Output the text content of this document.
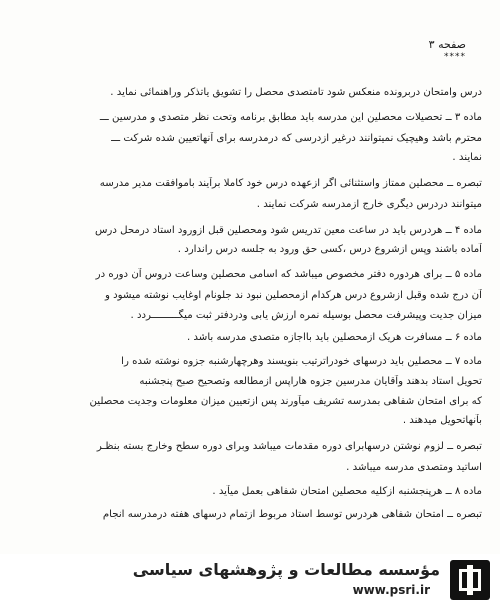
صفحه ۳
****
درس وامتحان دربرونده منعکس شود تامتصدی محصل را تشویق یاتذکر وراهنمائی نماید .
ماده ۳ ــ تحصیلات محصلین این مدرسه باید مطابق برنامه وتحت نظر متصدی و مدرسین ـــ
محترم باشد وهیچیک نمیتوانند درغیر ازدرسی که درمدرسه برای آنهاتعیین شده شرکت ـــ
نمایند .
تبصره ــ محصلین ممتاز واستثنائی اگر ازعهده درس خود کاملا برآیند باموافقت مدیر مدرسه
میتوانند دردرس دیگری خارج ازمدرسه شرکت نمایند .
ماده ۴ ــ هردرس باید در ساعت معین تدریس شود ومحصلین قبل ازورود استاد درمحل درس
آماده باشند وپس ازشروع درس ،کسی حق ورود به جلسه درس راندارد .
ماده ۵ ــ برای هردوره دفتر مخصوص میباشد که اسامی محصلین وساعت دروس آن دوره در
آن درج شده وقبل ازشروع درس هرکدام ازمحصلین نبود ند جلونام اوغایب نوشته میشود و
میزان جدیت وپیشرفت محصل بوسیله نمره ارزش یابی ودردفتر ثبت میگـــــــــردد .
ماده ۶ ــ مسافرت هریک ازمحصلین باید بااجازه متصدی مدرسه باشد .
ماده ۷ ــ محصلین باید درسهای خودراترتیب بنویسند وهرچهارشنبه جزوه نوشته شده را
تحویل استاد بدهند وآقایان مدرسین جزوه هاراپس ازمطالعه وتصحیح صبح پنجشنبه
که برای امتحان شفاهی بمدرسه تشریف میآورند پس ازتعیین میزان معلومات وجدیت محصلین
بآنهاتحویل میدهند .
تبصره ــ لزوم نوشتن درسهابرای دوره مقدمات میباشد وبرای دوره سطح وخارج بسته بنظـر
اساتید ومتصدی مدرسه میباشد .
ماده ۸ ــ هرپنجشنبه ازکلیه محصلین امتحان شفاهی بعمل میآید .
تبصره ــ امتحان شفاهی هردرس توسط استاد مربوط ازتمام درسهای هفته درمدرسه انجام
مؤسسه مطالعات و پژوهشهای سیاسی
www.psri.ir
